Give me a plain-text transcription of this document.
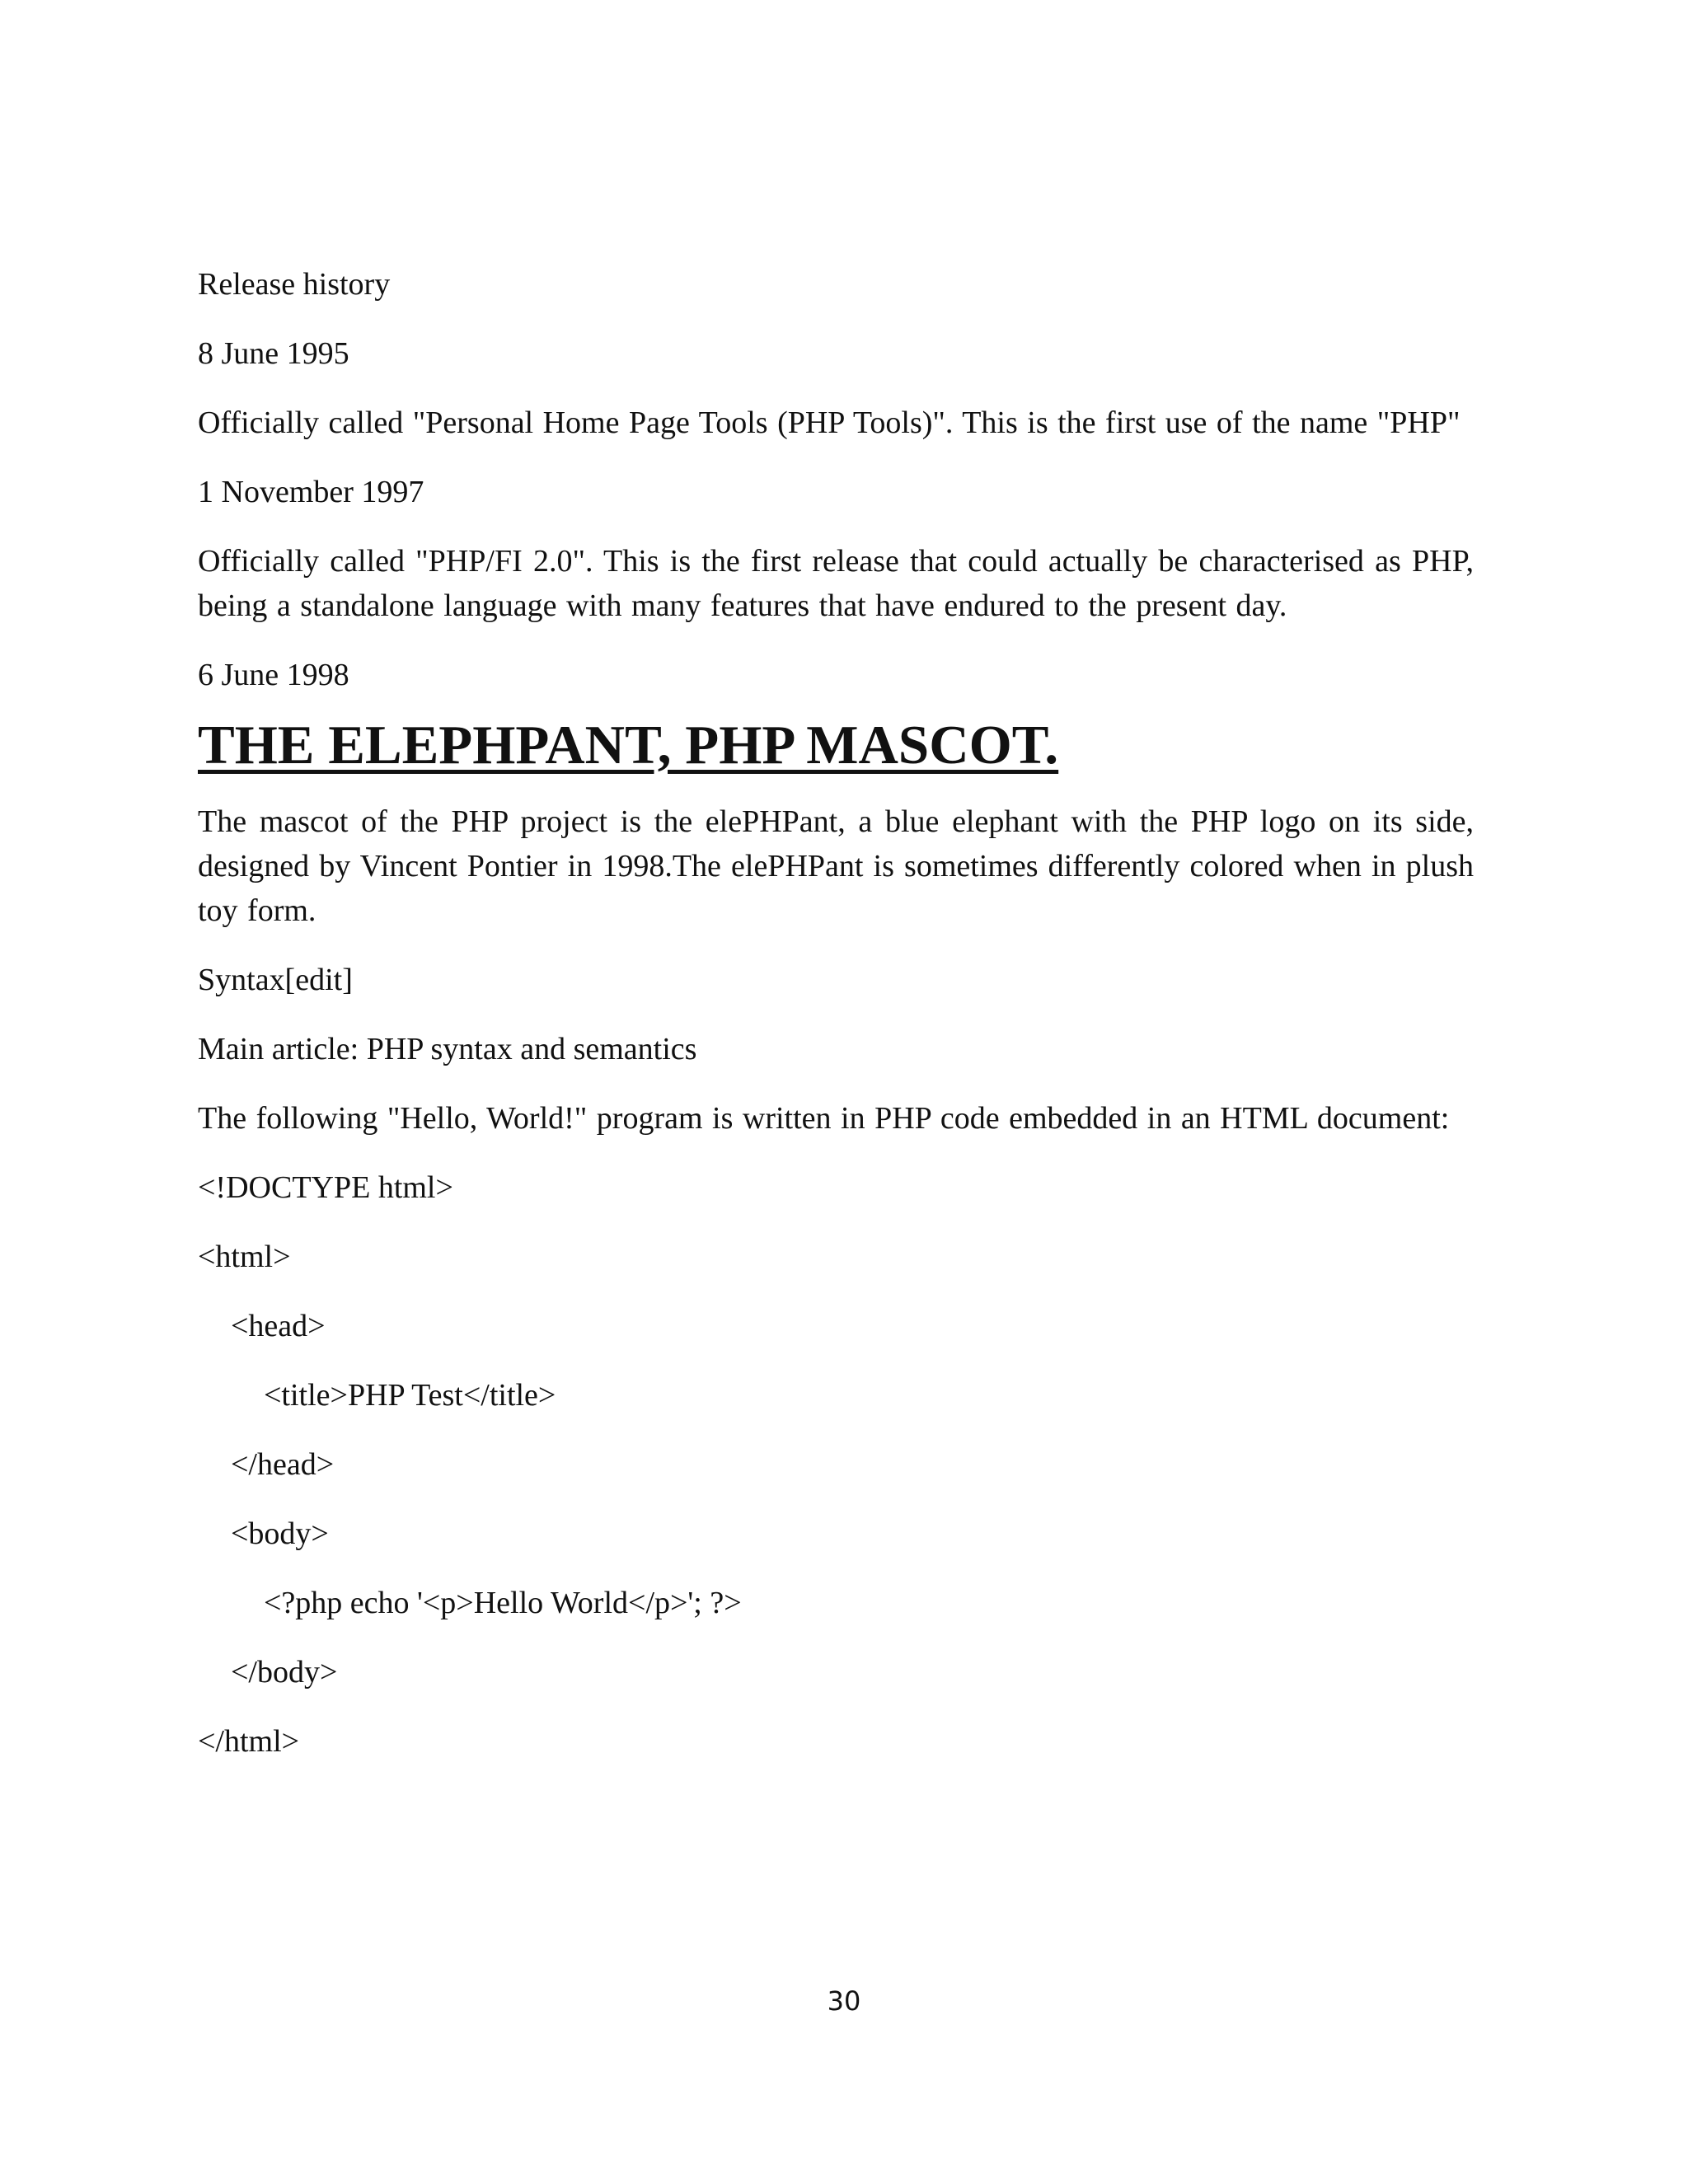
Release history

8 June 1995

Officially called "Personal Home Page Tools (PHP Tools)". This is the first use of the name "PHP"

1 November 1997

Officially called "PHP/FI 2.0". This is the first release that could actually be characterised as PHP, being a standalone language with many features that have endured to the present day.

6 June 1998

THE ELEPHPANT, PHP MASCOT.

The mascot of the PHP project is the elePHPant, a blue elephant with the PHP logo on its side, designed by Vincent Pontier in 1998.The elePHPant is sometimes differently colored when in plush toy form.

Syntax[edit]

Main article: PHP syntax and semantics

The following "Hello, World!" program is written in PHP code embedded in an HTML document:

<!DOCTYPE html>

<html>

<head>

<title>PHP Test</title>

</head>

<body>

<?php echo '<p>Hello World</p>'; ?>

</body>

</html>

30
